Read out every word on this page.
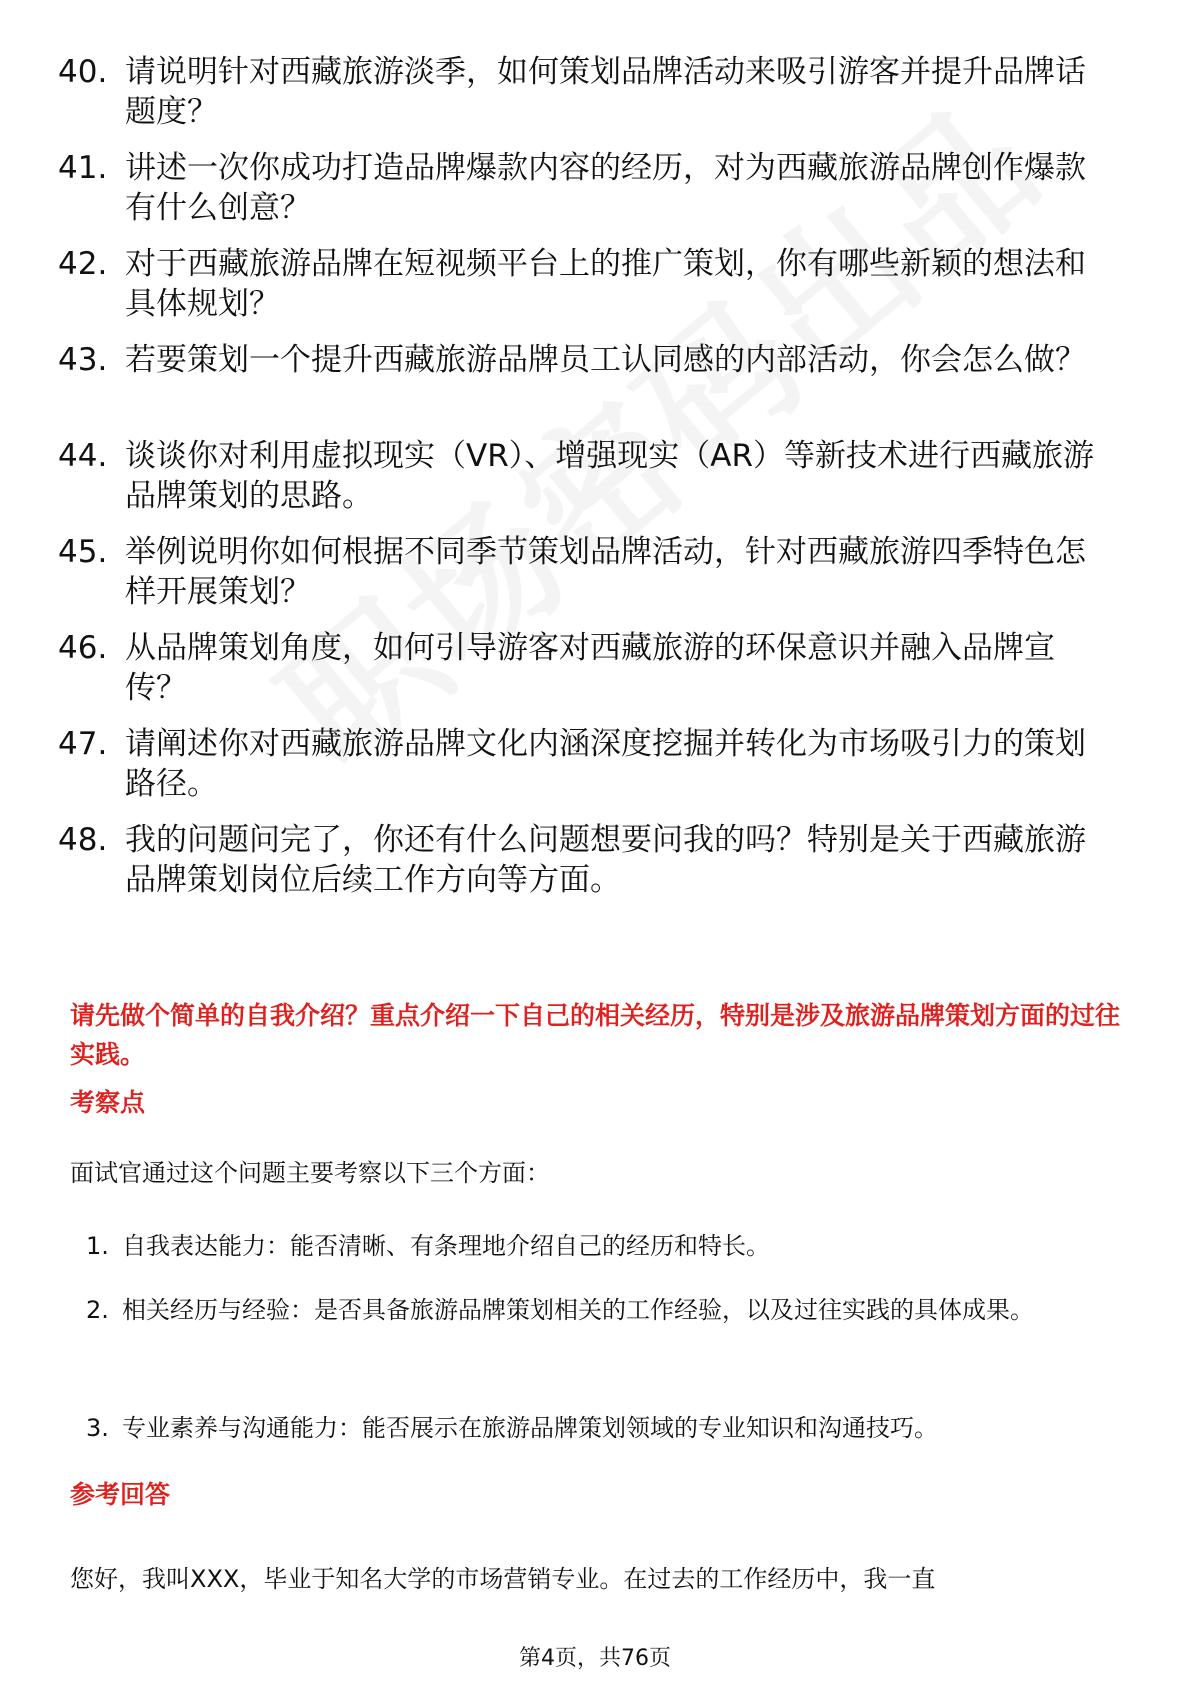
40. 请说明针对西藏旅游淡季，如何策划品牌活动来吸引游客并提升品牌话题度？
41. 讲述一次你成功打造品牌爆款内容的经历，对为西藏旅游品牌创作爆款有什么创意？
42. 对于西藏旅游品牌在短视频平台上的推广策划，你有哪些新颖的想法和具体规划？
43. 若要策划一个提升西藏旅游品牌员工认同感的内部活动，你会怎么做？
44. 谈谈你对利用虚拟现实（VR）、增强现实（AR）等新技术进行西藏旅游品牌策划的思路。
45. 举例说明你如何根据不同季节策划品牌活动，针对西藏旅游四季特色怎样开展策划？
46. 从品牌策划角度，如何引导游客对西藏旅游的环保意识并融入品牌宣传？
47. 请阐述你对西藏旅游品牌文化内涵深度挖掘并转化为市场吸引力的策划路径。
48. 我的问题问完了，你还有什么问题想要问我的吗？特别是关于西藏旅游品牌策划岗位后续工作方向等方面。
请先做个简单的自我介绍？重点介绍一下自己的相关经历，特别是涉及旅游品牌策划方面的过往实践。
考察点
面试官通过这个问题主要考察以下三个方面：
1. 自我表达能力：能否清晰、有条理地介绍自己的经历和特长。
2. 相关经历与经验：是否具备旅游品牌策划相关的工作经验，以及过往实践的具体成果。
3. 专业素养与沟通能力：能否展示在旅游品牌策划领域的专业知识和沟通技巧。
参考回答
您好，我叫XXX，毕业于知名大学的市场营销专业。在过去的工作经历中，我一直
第4页，共76页
